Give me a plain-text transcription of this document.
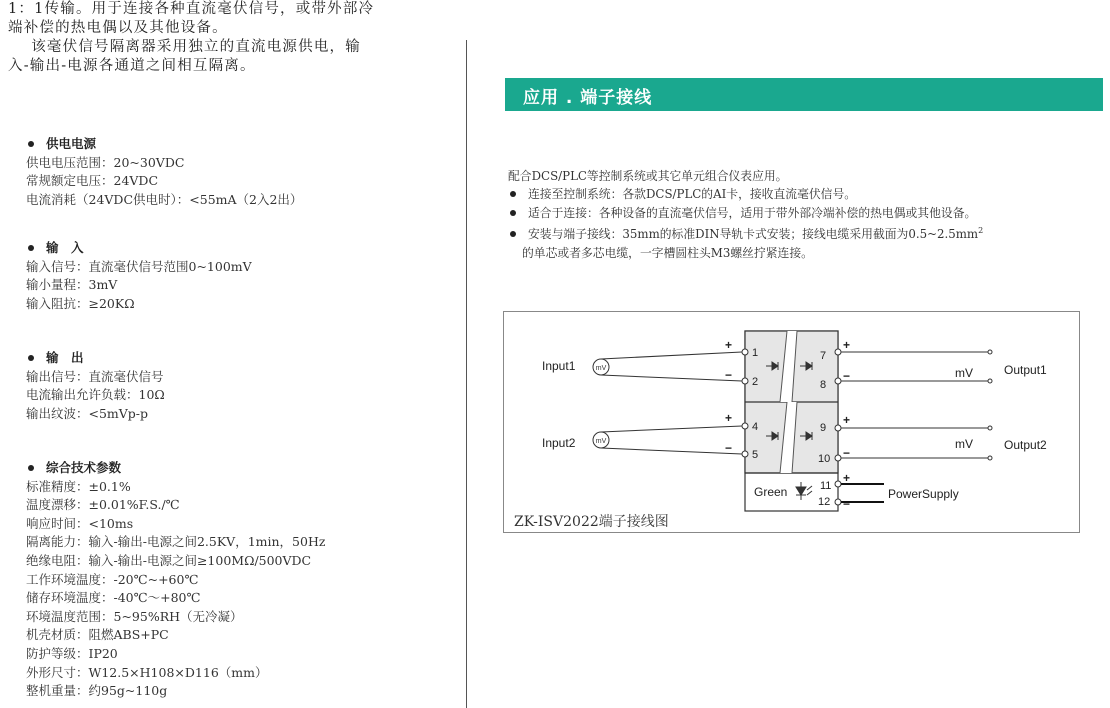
1：1传输。用于连接各种直流毫伏信号，或带外部冷
端补偿的热电偶以及其他设备。
该毫伏信号隔离器采用独立的直流电源供电，输
入-输出-电源各通道之间相互隔离。
供电电源
供电电压范围：20~30VDC
常规额定电压：24VDC
电流消耗（24VDC供电时）：<55mA（2入2出）
输　入
输入信号：直流毫伏信号范围0~100mV
输小量程：3mV
输入阻抗：≥20KΩ
输　出
输出信号：直流毫伏信号
电流输出允许负载：10Ω
输出纹波：<5mVp-p
综合技术参数
标准精度：±0.1%
温度漂移：±0.01%F.S./℃
响应时间：<10ms
隔离能力：输入-输出-电源之间2.5KV，1min，50Hz
绝缘电阻：输入-输出-电源之间≥100MΩ/500VDC
工作环境温度：-20℃~+60℃
储存环境温度：-40℃～+80℃
环境温度范围：5~95%RH（无冷凝）
机壳材质：阻燃ABS+PC
防护等级：IP20
外形尺寸：W12.5×H108×D116（mm）
整机重量：约95g~110g
应用 . 端子接线
配合DCS/PLC等控制系统或其它单元组合仪表应用。
连接至控制系统：各款DCS/PLC的AI卡，接收直流毫伏信号。
适合于连接：各种设备的直流毫伏信号，适用于带外部冷端补偿的热电偶或其他设备。
安装与端子接线：35mm的标准DIN导轨卡式安装；接线电缆采用截面为$0.5\sim 2.5mm^2$
的单芯或者多芯电缆，一字槽圆柱头M3螺丝拧紧连接。
mV
mV
Input1
Input2
Output1
Output2
mV
mV
PowerSupply
Green
1
2
4
5
7
8
9
10
11
12
+
−
+
−
+
−
+
−
+
−
ZK-ISV2022端子接线图
